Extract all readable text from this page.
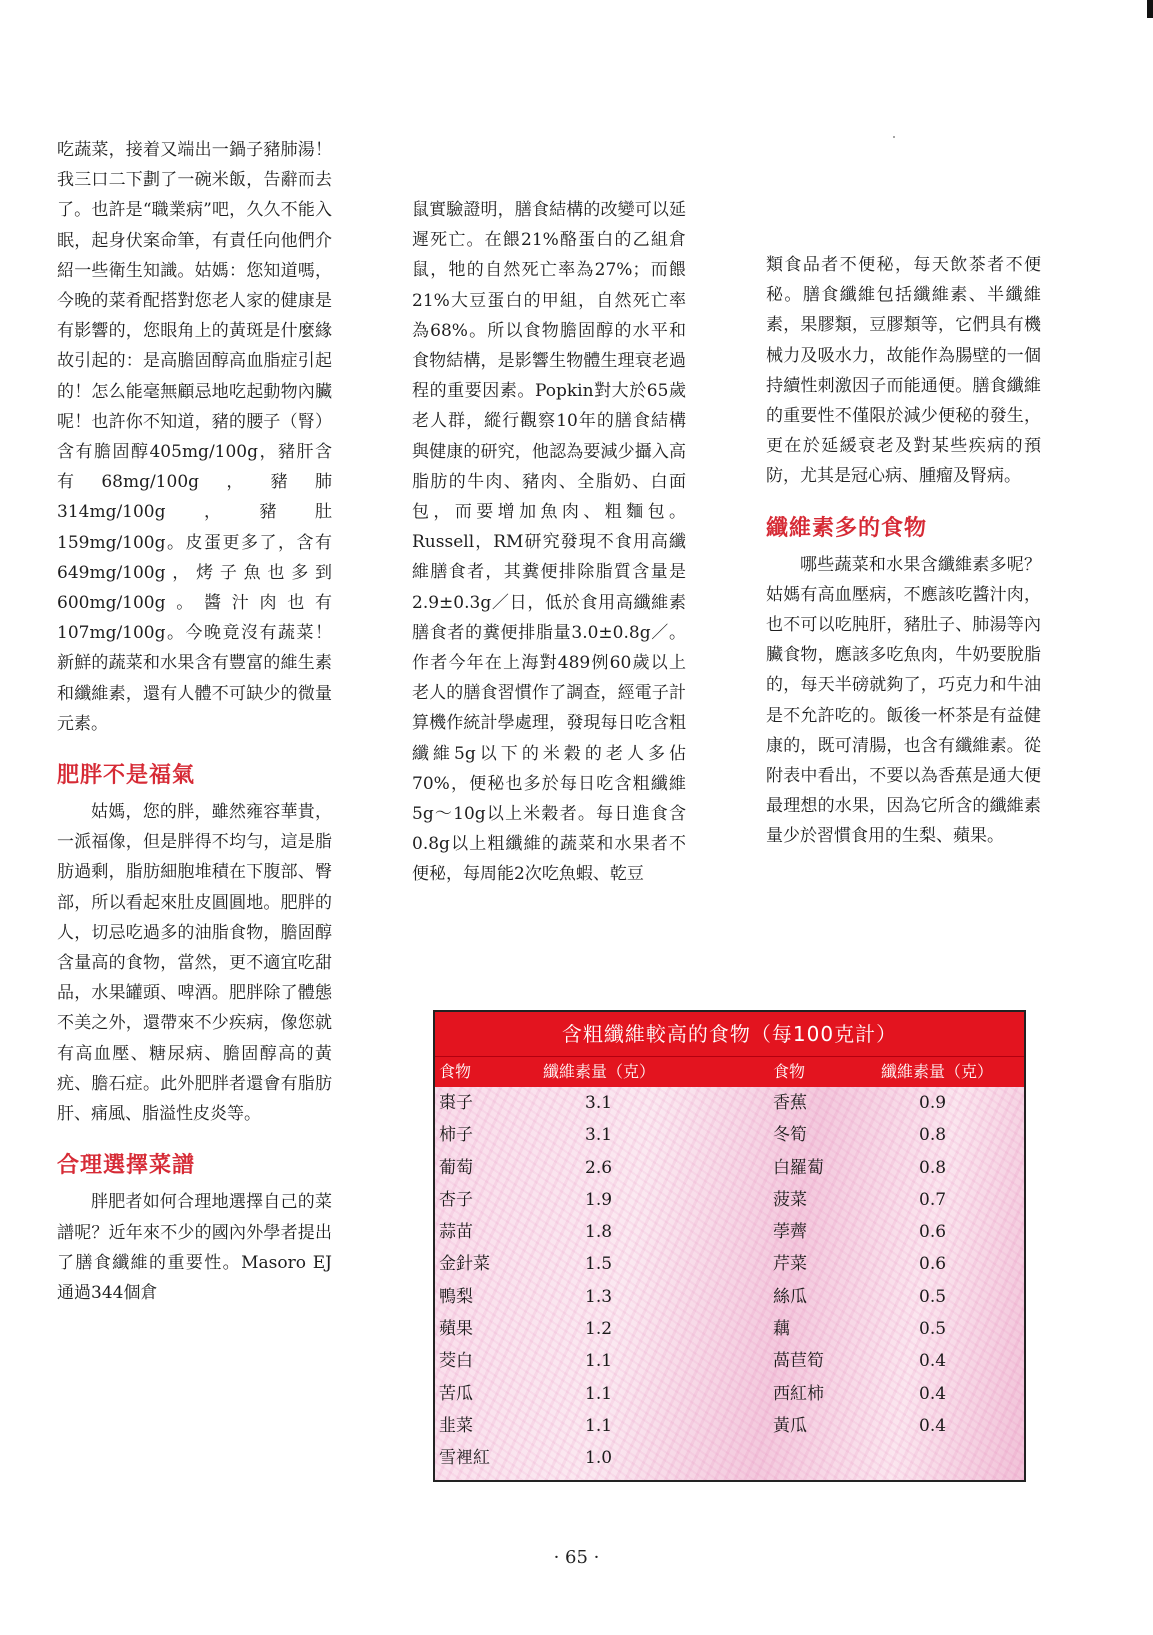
吃蔬菜，接着又端出一鍋子豬肺湯！我三口二下劃了一碗米飯，告辭而去了。也許是“職業病”吧，久久不能入眠，起身伏案命筆，有責任向他們介紹一些衛生知識。姑媽：您知道嗎，今晚的菜肴配搭對您老人家的健康是有影響的，您眼角上的黃斑是什麼緣故引起的：是高膽固醇高血脂症引起的！怎么能毫無顧忌地吃起動物內臟呢！也許你不知道，豬的腰子（腎）含有膽固醇405mg/100g，豬肝含有68mg/100g，豬肺314mg/100g，豬肚159mg/100g。皮蛋更多了，含有649mg/100g，烤子魚也多到600mg/100g。醬汁肉也有107mg/100g。今晚竟沒有蔬菜！新鮮的蔬菜和水果含有豐富的維生素和纖維素，還有人體不可缺少的微量元素。

肥胖不是福氣

姑媽，您的胖，雖然雍容華貴，一派福像，但是胖得不均勻，這是脂肪過剩，脂肪細胞堆積在下腹部、臀部，所以看起來肚皮圓圓地。肥胖的人，切忌吃過多的油脂食物，膽固醇含量高的食物，當然，更不適宜吃甜品，水果罐頭、啤酒。肥胖除了體態不美之外，還帶來不少疾病，像您就有高血壓、糖尿病、膽固醇高的黃疣、膽石症。此外肥胖者還會有脂肪肝、痛風、脂溢性皮炎等。

合理選擇菜譜

胖肥者如何合理地選擇自己的菜譜呢？近年來不少的國內外學者提出了膳食纖維的重要性。Masoro EJ通過344個倉

鼠實驗證明，膳食結構的改變可以延遲死亡。在餵21%酪蛋白的乙組倉鼠，牠的自然死亡率為27%；而餵21%大豆蛋白的甲組，自然死亡率為68%。所以食物膽固醇的水平和食物結構，是影響生物體生理衰老過程的重要因素。Popkin對大於65歲老人群，縱行觀察10年的膳食結構與健康的研究，他認為要減少攝入高脂肪的牛肉、豬肉、全脂奶、白面包，而要增加魚肉、粗麵包。Russell，RM研究發現不食用高纖維膳食者，其糞便排除脂質含量是2.9±0.3g／日，低於食用高纖維素膳食者的糞便排脂量3.0±0.8g／。作者今年在上海對489例60歲以上老人的膳食習慣作了調查，經電子計算機作統計學處理，發現每日吃含粗纖維5g以下的米穀的老人多佔70%，便秘也多於每日吃含粗纖維5g～10g以上米穀者。每日進食含0.8g以上粗纖維的蔬菜和水果者不便秘，每周能2次吃魚蝦、乾豆

類食品者不便秘，每天飲茶者不便秘。膳食纖維包括纖維素、半纖維素，果膠類，豆膠類等，它們具有機械力及吸水力，故能作為腸壁的一個持續性刺激因子而能通便。膳食纖維的重要性不僅限於減少便秘的發生，更在於延緩衰老及對某些疾病的預防，尤其是冠心病、腫瘤及腎病。

纖維素多的食物

哪些蔬菜和水果含纖維素多呢？姑媽有高血壓病，不應該吃醬汁肉，也不可以吃肫肝，豬肚子、肺湯等內臟食物，應該多吃魚肉，牛奶要脫脂的，每天半磅就夠了，巧克力和牛油是不允許吃的。飯後一杯茶是有益健康的，既可清腸，也含有纖維素。從附表中看出，不要以為香蕉是通大便最理想的水果，因為它所含的纖維素量少於習慣食用的生梨、蘋果。

含粗纖維較高的食物（每100克計）
食物	纖維素量（克）	食物	纖維素量（克）
棗子	3.1	香蕉	0.9
柿子	3.1	冬筍	0.8
葡萄	2.6	白羅蔔	0.8
杏子	1.9	菠菜	0.7
蒜苗	1.8	荸薺	0.6
金針菜	1.5	芹菜	0.6
鴨梨	1.3	絲瓜	0.5
蘋果	1.2	藕	0.5
茭白	1.1	萵苣筍	0.4
苦瓜	1.1	西紅柿	0.4
韭菜	1.1	黃瓜	0.4
雪裡紅	1.0
· 65 ·
